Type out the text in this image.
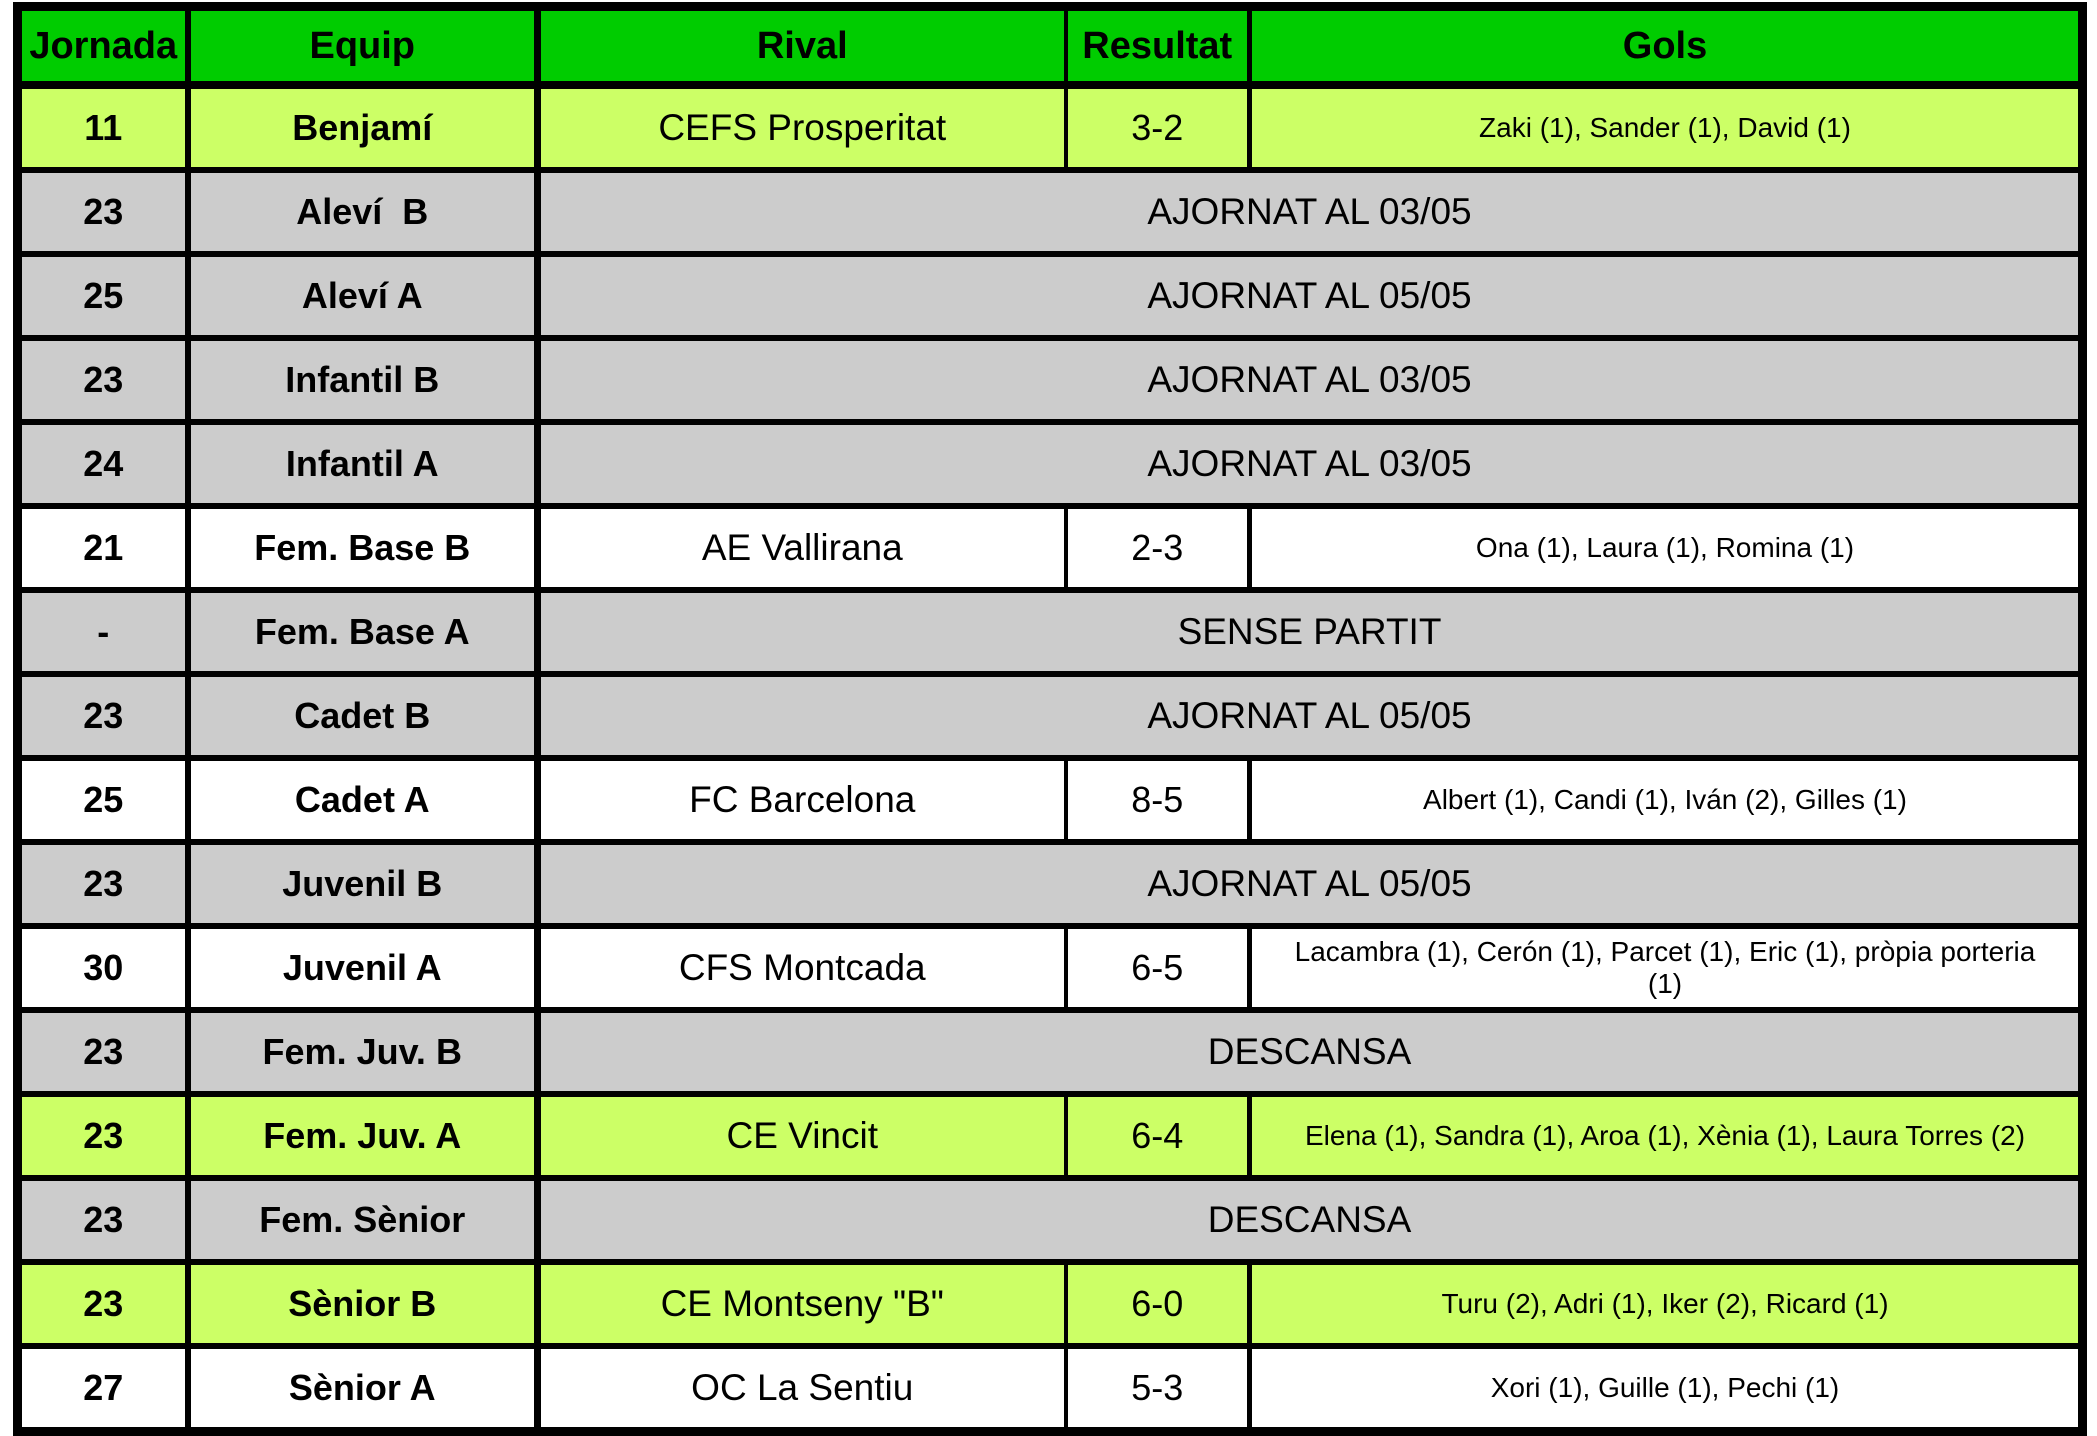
Jornada	Equip	Rival	Resultat	Gols
11	Benjamí	CEFS Prosperitat	3-2	Zaki (1), Sander (1), David (1)
23	Aleví  B	AJORNAT AL 03/05		
25	Aleví A	AJORNAT AL 05/05		
23	Infantil B	AJORNAT AL 03/05		
24	Infantil A	AJORNAT AL 03/05		
21	Fem. Base B	AE Vallirana	2-3	Ona (1), Laura (1), Romina (1)
-	Fem. Base A	SENSE PARTIT		
23	Cadet B	AJORNAT AL 05/05		
25	Cadet A	FC Barcelona	8-5	Albert (1), Candi (1), Iván (2), Gilles (1)
23	Juvenil B	AJORNAT AL 05/05		
30	Juvenil A	CFS Montcada	6-5	Lacambra (1), Cerón (1), Parcet (1), Eric (1), pròpia porteria (1)
23	Fem. Juv. B	DESCANSA		
23	Fem. Juv. A	CE Vincit	6-4	Elena (1), Sandra (1), Aroa (1), Xènia (1), Laura Torres (2)
23	Fem. Sènior	DESCANSA		
23	Sènior B	CE Montseny "B"	6-0	Turu (2), Adri (1), Iker (2), Ricard (1)
27	Sènior A	OC La Sentiu	5-3	Xori (1), Guille (1), Pechi (1)
